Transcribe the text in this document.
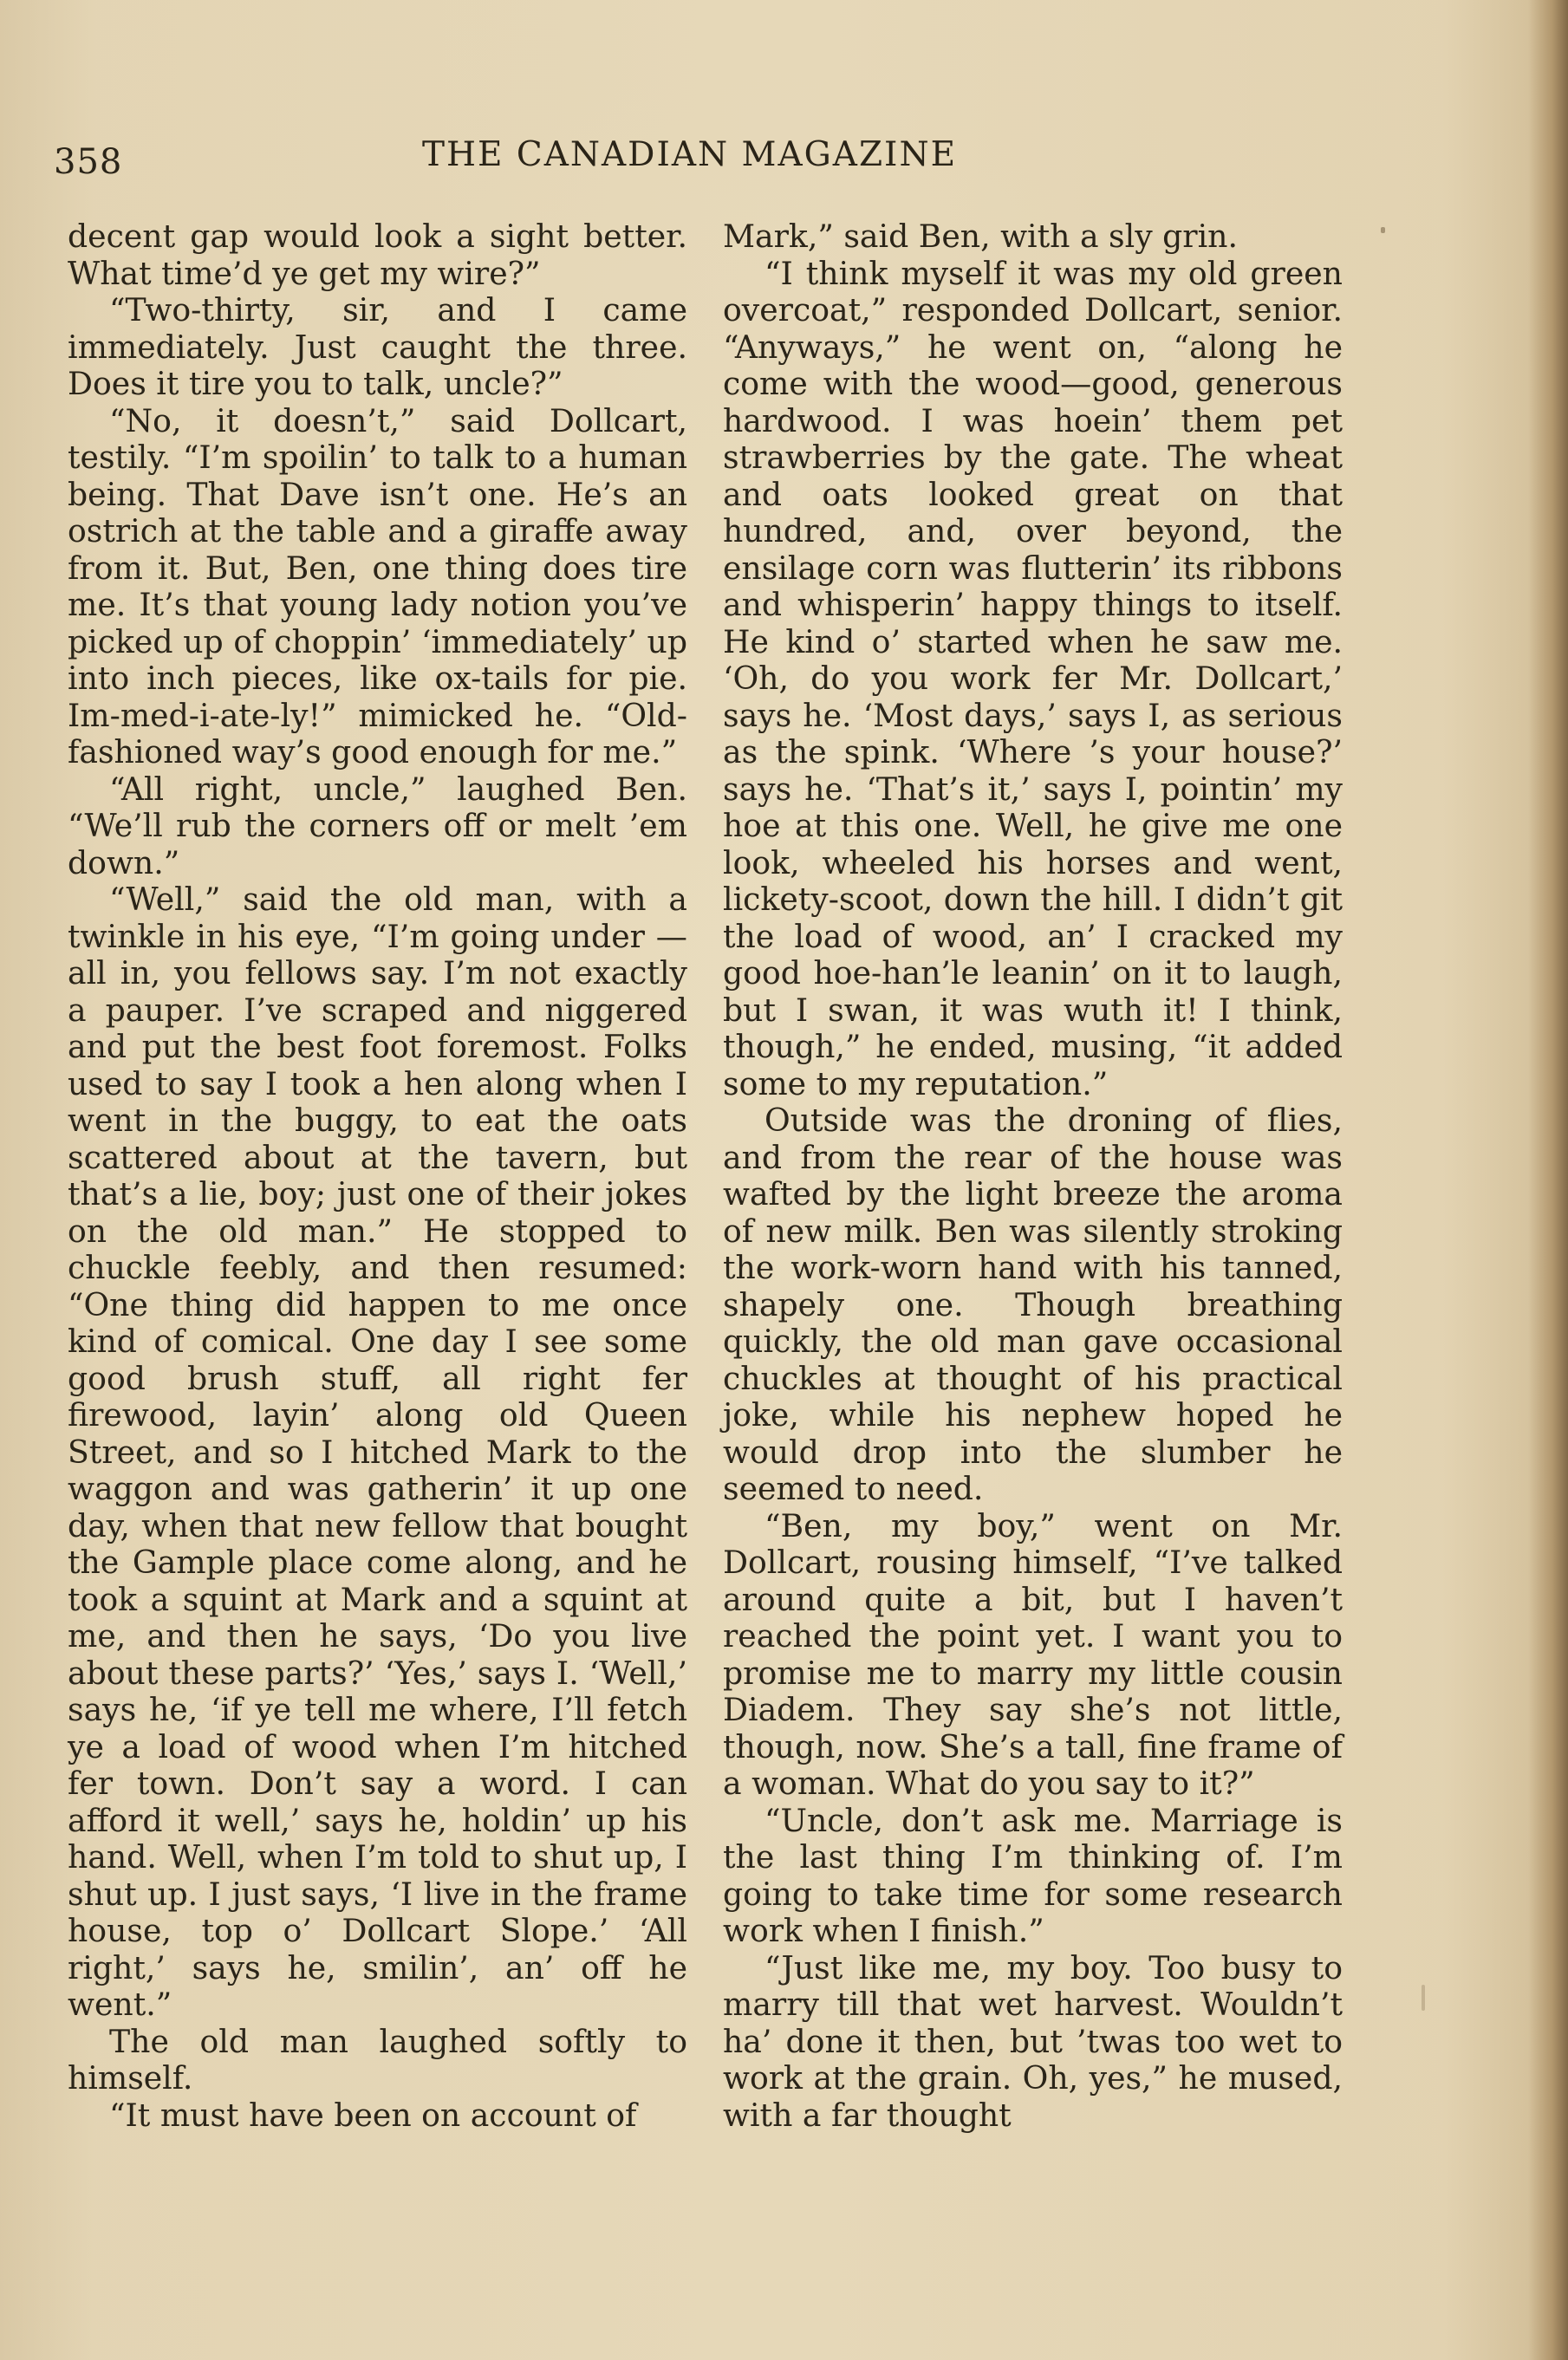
358	THE CANADIAN MAGAZINE

decent gap would look a sight better. What time’d ye get my wire?”

“Two-thirty, sir, and I came immediately. Just caught the three. Does it tire you to talk, uncle?”

“No, it doesn’t,” said Dollcart, testily. “I’m spoilin’ to talk to a human being. That Dave isn’t one. He’s an ostrich at the table and a giraffe away from it. But, Ben, one thing does tire me. It’s that young lady notion you’ve picked up of choppin’ ‘immediately’ up into inch pieces, like ox-tails for pie. Im-med-i-ate-ly!” mimicked he. “Old-fashioned way’s good enough for me.”

“All right, uncle,” laughed Ben. “We’ll rub the corners off or melt ’em down.”

“Well,” said the old man, with a twinkle in his eye, “I’m going under —all in, you fellows say. I’m not exactly a pauper. I’ve scraped and niggered and put the best foot foremost. Folks used to say I took a hen along when I went in the buggy, to eat the oats scattered about at the tavern, but that’s a lie, boy; just one of their jokes on the old man.” He stopped to chuckle feebly, and then resumed: “One thing did happen to me once kind of comical. One day I see some good brush stuff, all right fer firewood, layin’ along old Queen Street, and so I hitched Mark to the waggon and was gatherin’ it up one day, when that new fellow that bought the Gample place come along, and he took a squint at Mark and a squint at me, and then he says, ‘Do you live about these parts?’ ‘Yes,’ says I. ‘Well,’ says he, ‘if ye tell me where, I’ll fetch ye a load of wood when I’m hitched fer town. Don’t say a word. I can afford it well,’ says he, holdin’ up his hand. Well, when I’m told to shut up, I shut up. I just says, ‘I live in the frame house, top o’ Dollcart Slope.’ ‘All right,’ says he, smilin’, an’ off he went.”

The old man laughed softly to himself.

“It must have been on account of

Mark,” said Ben, with a sly grin.

“I think myself it was my old green overcoat,” responded Dollcart, senior. “Anyways,” he went on, “along he come with the wood—good, generous hardwood. I was hoein’ them pet strawberries by the gate. The wheat and oats looked great on that hundred, and, over beyond, the ensilage corn was flutterin’ its ribbons and whisperin’ happy things to itself. He kind o’ started when he saw me. ‘Oh, do you work fer Mr. Dollcart,’ says he. ‘Most days,’ says I, as serious as the spink. ‘Where ’s your house?’ says he. ‘That’s it,’ says I, pointin’ my hoe at this one. Well, he give me one look, wheeled his horses and went, lickety-scoot, down the hill. I didn’t git the load of wood, an’ I cracked my good hoe-han’le leanin’ on it to laugh, but I swan, it was wuth it! I think, though,” he ended, musing, “it added some to my reputation.”

Outside was the droning of flies, and from the rear of the house was wafted by the light breeze the aroma of new milk. Ben was silently stroking the work-worn hand with his tanned, shapely one. Though breathing quickly, the old man gave occasional chuckles at thought of his practical joke, while his nephew hoped he would drop into the slumber he seemed to need.

“Ben, my boy,” went on Mr. Dollcart, rousing himself, “I’ve talked around quite a bit, but I haven’t reached the point yet. I want you to promise me to marry my little cousin Diadem. They say she’s not little, though, now. She’s a tall, fine frame of a woman. What do you say to it?”

“Uncle, don’t ask me. Marriage is the last thing I’m thinking of. I’m going to take time for some research work when I finish.”

“Just like me, my boy. Too busy to marry till that wet harvest. Wouldn’t ha’ done it then, but ’twas too wet to work at the grain. Oh, yes,” he mused, with a far thought
